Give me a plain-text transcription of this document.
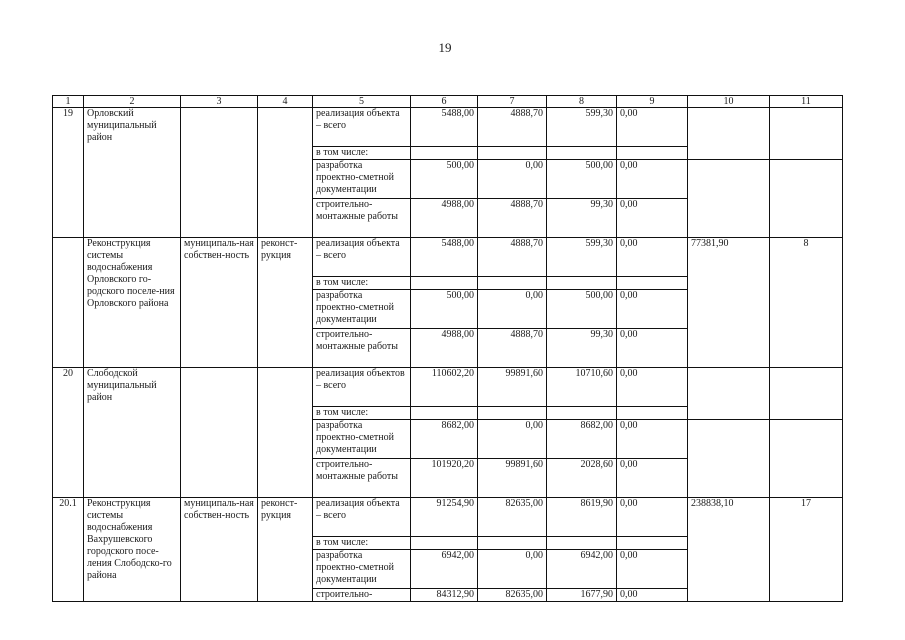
19
1	2	3	4	5	6	7	8	9	10	11
19	Орловский муниципальный район			реализация объекта – всего	5488,00	4888,70	599,30	0,00		
				в том числе:						
				разработка проектно-сметной документации	500,00	0,00	500,00	0,00		
				строительно-монтажные работы	4988,00	4888,70	99,30	0,00		
	Реконструкция системы водоснабжения Орловского го-родского поселе-ния Орловского района	муниципаль-ная собствен-ность	реконст-рукция	реализация объекта – всего	5488,00	4888,70	599,30	0,00	77381,90	8
				в том числе:						
				разработка проектно-сметной документации	500,00	0,00	500,00	0,00		
				строительно-монтажные работы	4988,00	4888,70	99,30	0,00		
20	Слободской муниципальный район			реализация объектов – всего	110602,20	99891,60	10710,60	0,00		
				в том числе:						
				разработка проектно-сметной документации	8682,00	0,00	8682,00	0,00		
				строительно-монтажные работы	101920,20	99891,60	2028,60	0,00		
20.1	Реконструкция системы водоснабжения Вахрушевского городского посе-ления Слободско-го района	муниципаль-ная собствен-ность	реконст-рукция	реализация объекта – всего	91254,90	82635,00	8619,90	0,00	238838,10	17
				в том числе:						
				разработка проектно-сметной документации	6942,00	0,00	6942,00	0,00		
				строительно-	84312,90	82635,00	1677,90	0,00		
